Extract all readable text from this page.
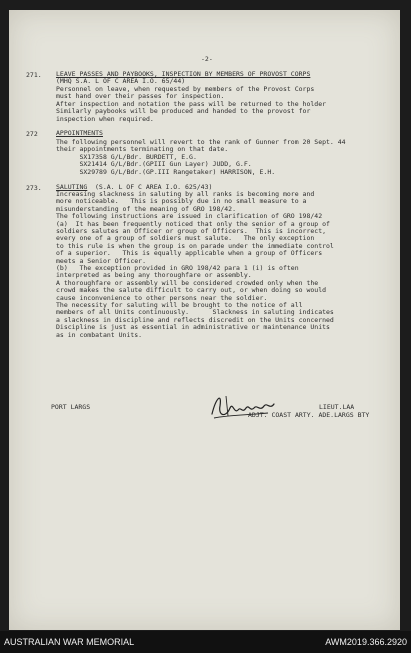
-2-
271. LEAVE PASSES AND PAYBOOKS, INSPECTION BY MEMBERS OF PROVOST CORPS
(MHQ S.A. L OF C AREA I.O. 65/44)
Personnel on leave, when requested by members of the Provost Corps
must hand over their passes for inspection.
After inspection and notation the pass will be returned to the holder
Similarly paybooks will be produced and handed to the provost for
inspection when required.
272	APPOINTMENTS
The following personnel will revert to the rank of Gunner from 20 Sept. 44
their appointments terminating on that date.
SX17358 G/L/Bdr. BURDETT, E.G.
SX21414 G/L/Bdr.(GPIII Gun Layer) JUDD, G.F.
SX29789 G/L/Bdr.(GP.III Rangetaker) HARRISON, E.H.
273. SALUTING (S.A. L OF C AREA I.O. 625/43)
Increasing slackness in saluting by all ranks is becoming more and
more noticeable.   This is possibly due in no small measure to a
misunderstanding of the meaning of GRO 198/42.
The following instructions are issued in clarification of GRO 198/42
(a)  It has been frequently noticed that only the senior of a group of
soldiers salutes an Officer or group of Officers.  This is incorrect,
every one of a group of soldiers must salute.   The only exception
to this rule is when the group is on parade under the immediate control
of a superior.   This is equally applicable when a group of Officers
meets a Senior Officer.
(b)   The exception provided in GRO 198/42 para 1 (i) is often
interpreted as being any thoroughfare or assembly.
A thoroughfare or assembly will be considered crowded only when the
crowd makes the salute difficult to carry out, or when doing so would
cause inconvenience to other persons near the soldier.
The necessity for saluting will be brought to the notice of all
members of all Units continuously.      Slackness in saluting indicates
a slackness in discipline and reflects discredit on the Units concerned
Discipline is just as essential in administrative or maintenance Units
as in combatant Units.
PORT LARGS	LIEUT.LAA
ADJT. COAST ARTY. ADE.LARGS BTY
AUSTRALIAN WAR MEMORIAL	AWM2019.366.2920
